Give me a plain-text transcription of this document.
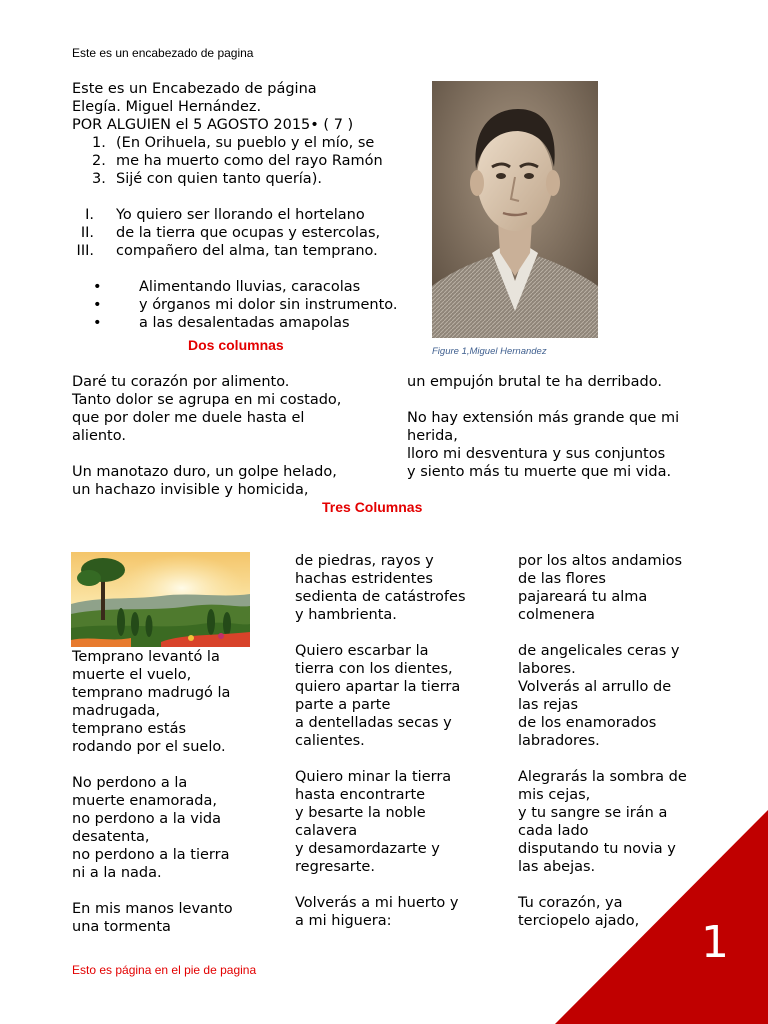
Este es un encabezado de pagina
Este es un Encabezado de página
Elegía. Miguel Hernández.
POR ALGUIEN el 5 AGOSTO 2015• ( 7 )
1. (En Orihuela, su pueblo y el mío, se
2. me ha muerto como del rayo Ramón
3. Sijé con quien tanto quería).
I. Yo quiero ser llorando el hortelano
II. de la tierra que ocupas y estercolas,
III. compañero del alma, tan temprano.
•	Alimentando lluvias, caracolas
•	y órganos mi dolor sin instrumento.
•	a las desalentadas amapolas
Figure 1,Miguel Hernandez
Dos columnas
Daré tu corazón por alimento.
Tanto dolor se agrupa en mi costado,
que por doler me duele hasta el
aliento.
Un manotazo duro, un golpe helado,
un hachazo invisible y homicida,
un empujón brutal te ha derribado.
No hay extensión más grande que mi
herida,
lloro mi desventura y sus conjuntos
y siento más tu muerte que mi vida.
Tres Columnas
Temprano levantó la
muerte el vuelo,
temprano madrugó la
madrugada,
temprano estás
rodando por el suelo.
No perdono a la
muerte enamorada,
no perdono a la vida
desatenta,
no perdono a la tierra
ni a la nada.
En mis manos levanto
una tormenta
de piedras, rayos y
hachas estridentes
sedienta de catástrofes
y hambrienta.
Quiero escarbar la
tierra con los dientes,
quiero apartar la tierra
parte a parte
a dentelladas secas y
calientes.
Quiero minar la tierra
hasta encontrarte
y besarte la noble
calavera
y desamordazarte y
regresarte.
Volverás a mi huerto y
a mi higuera:
por los altos andamios
de las flores
pajareará tu alma
colmenera
de angelicales ceras y
labores.
Volverás al arrullo de
las rejas
de los enamorados
labradores.
Alegrarás la sombra de
mis cejas,
y tu sangre se irán a
cada lado
disputando tu novia y
las abejas.
Tu corazón, ya
terciopelo ajado,
Esto es página en el pie de pagina
1
